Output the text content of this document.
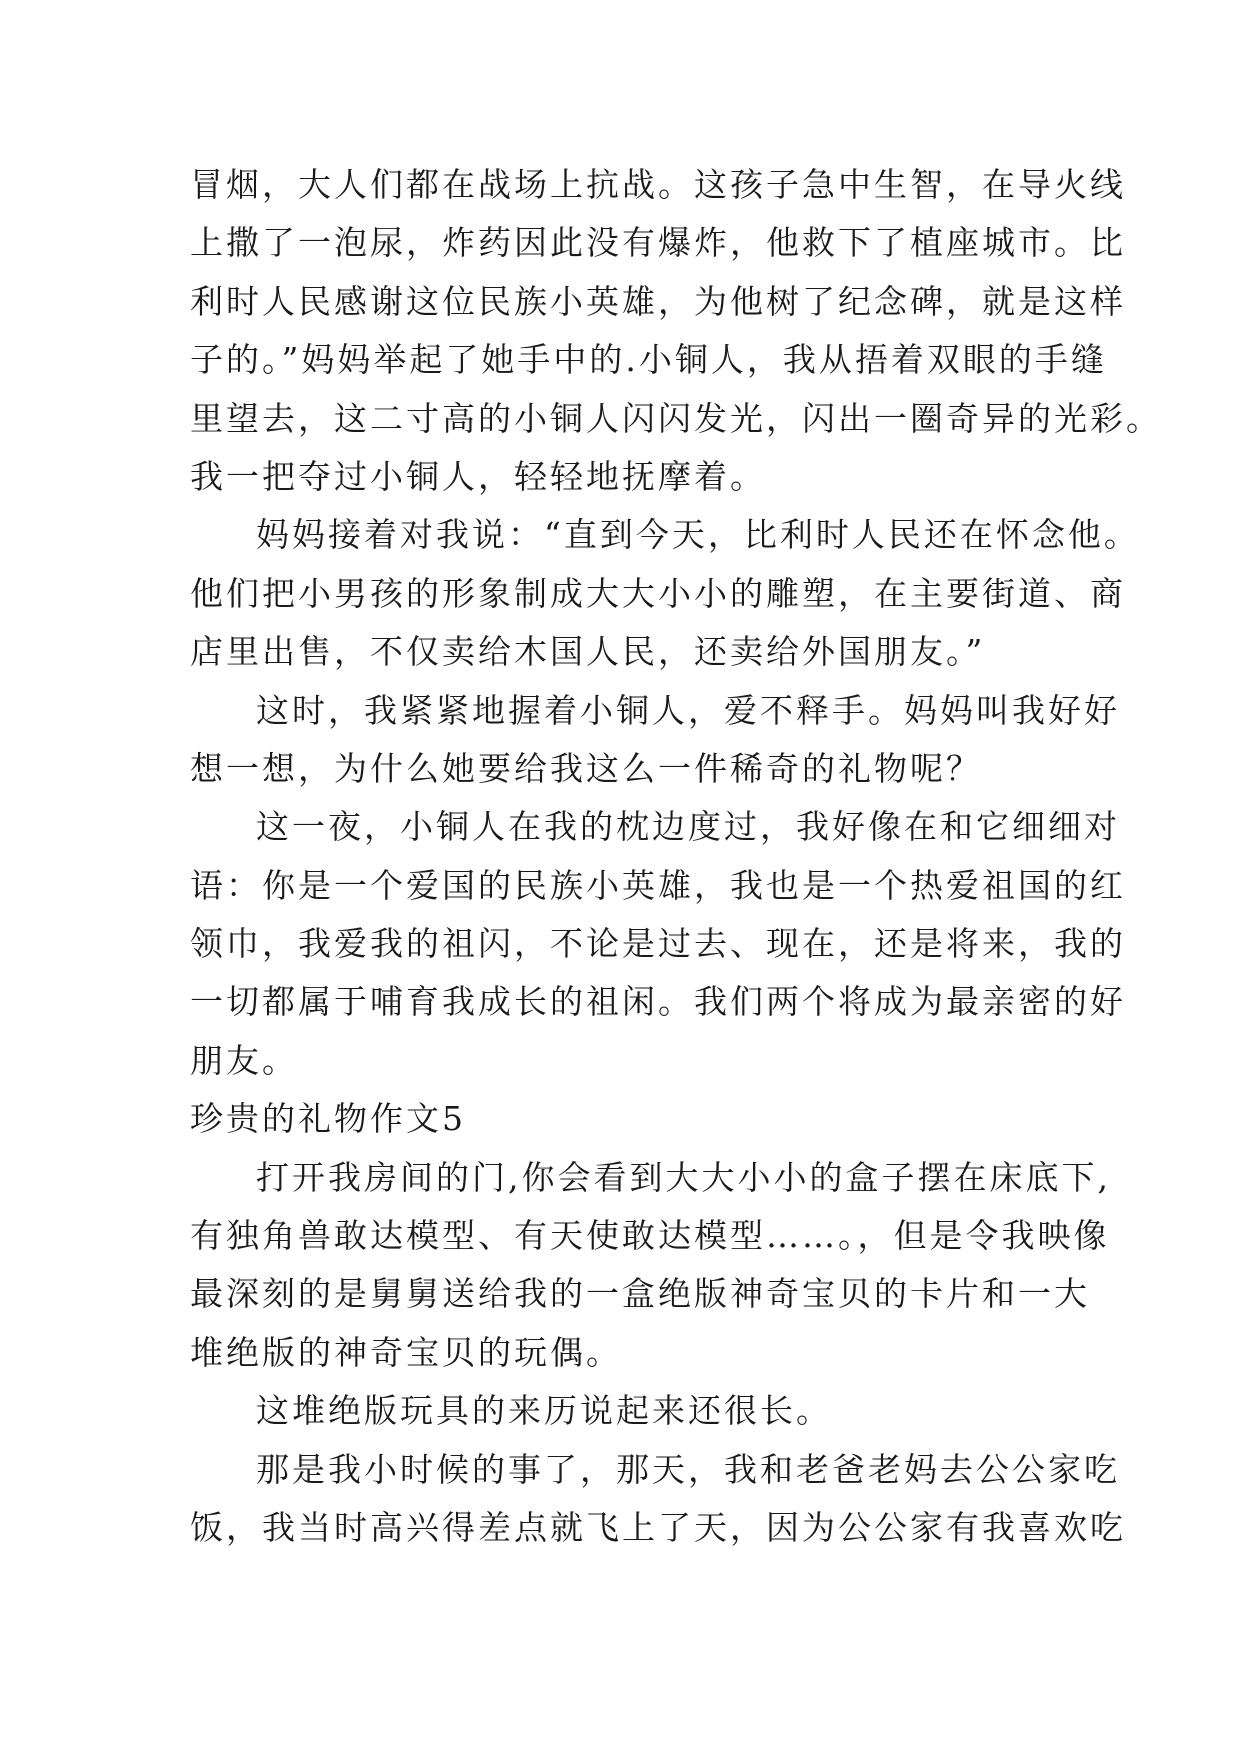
冒烟，大人们都在战场上抗战。这孩子急中生智，在导火线
上撒了一泡尿，炸药因此没有爆炸，他救下了植座城市。比
利时人民感谢这位民族小英雄，为他树了纪念碑，就是这样
子的。”妈妈举起了她手中的.小铜人，我从捂着双眼的手缝
里望去，这二寸高的小铜人闪闪发光，闪出一圈奇异的光彩。
我一把夺过小铜人，轻轻地抚摩着。
妈妈接着对我说：“直到今天，比利时人民还在怀念他。
他们把小男孩的形象制成大大小小的雕塑，在主要街道、商
店里出售，不仅卖给木国人民，还卖给外国朋友。”
这时，我紧紧地握着小铜人，爱不释手。妈妈叫我好好
想一想，为什么她要给我这么一件稀奇的礼物呢？
这一夜，小铜人在我的枕边度过，我好像在和它细细对
语：你是一个爱国的民族小英雄，我也是一个热爱祖国的红
领巾，我爱我的祖闪，不论是过去、现在，还是将来，我的
一切都属于哺育我成长的祖闲。我们两个将成为最亲密的好
朋友。
珍贵的礼物作文5
打开我房间的门,你会看到大大小小的盒子摆在床底下,
有独角兽敢达模型、有天使敢达模型……。，但是令我映像
最深刻的是舅舅送给我的一盒绝版神奇宝贝的卡片和一大
堆绝版的神奇宝贝的玩偶。
这堆绝版玩具的来历说起来还很长。
那是我小时候的事了，那天，我和老爸老妈去公公家吃
饭，我当时高兴得差点就飞上了天，因为公公家有我喜欢吃
